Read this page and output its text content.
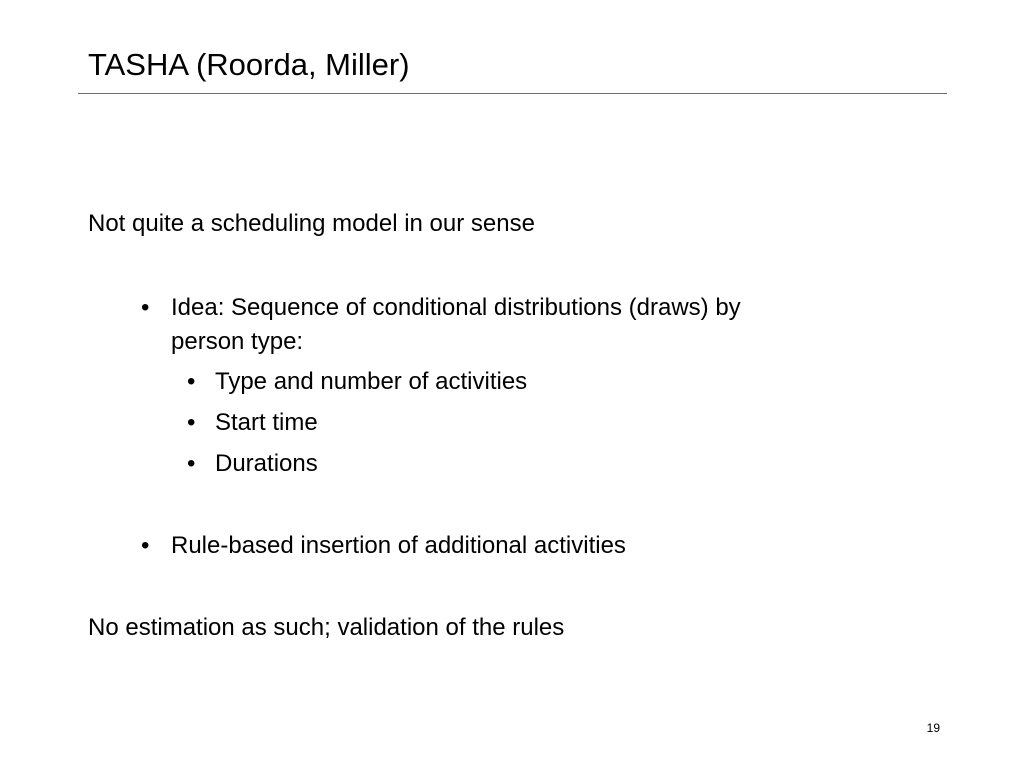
TASHA (Roorda, Miller)
Not quite a scheduling model in our sense
• Idea: Sequence of conditional distributions (draws) by
person type:
• Type and number of activities
• Start time
• Durations
• Rule-based insertion of additional activities
No estimation as such; validation of the rules
19
